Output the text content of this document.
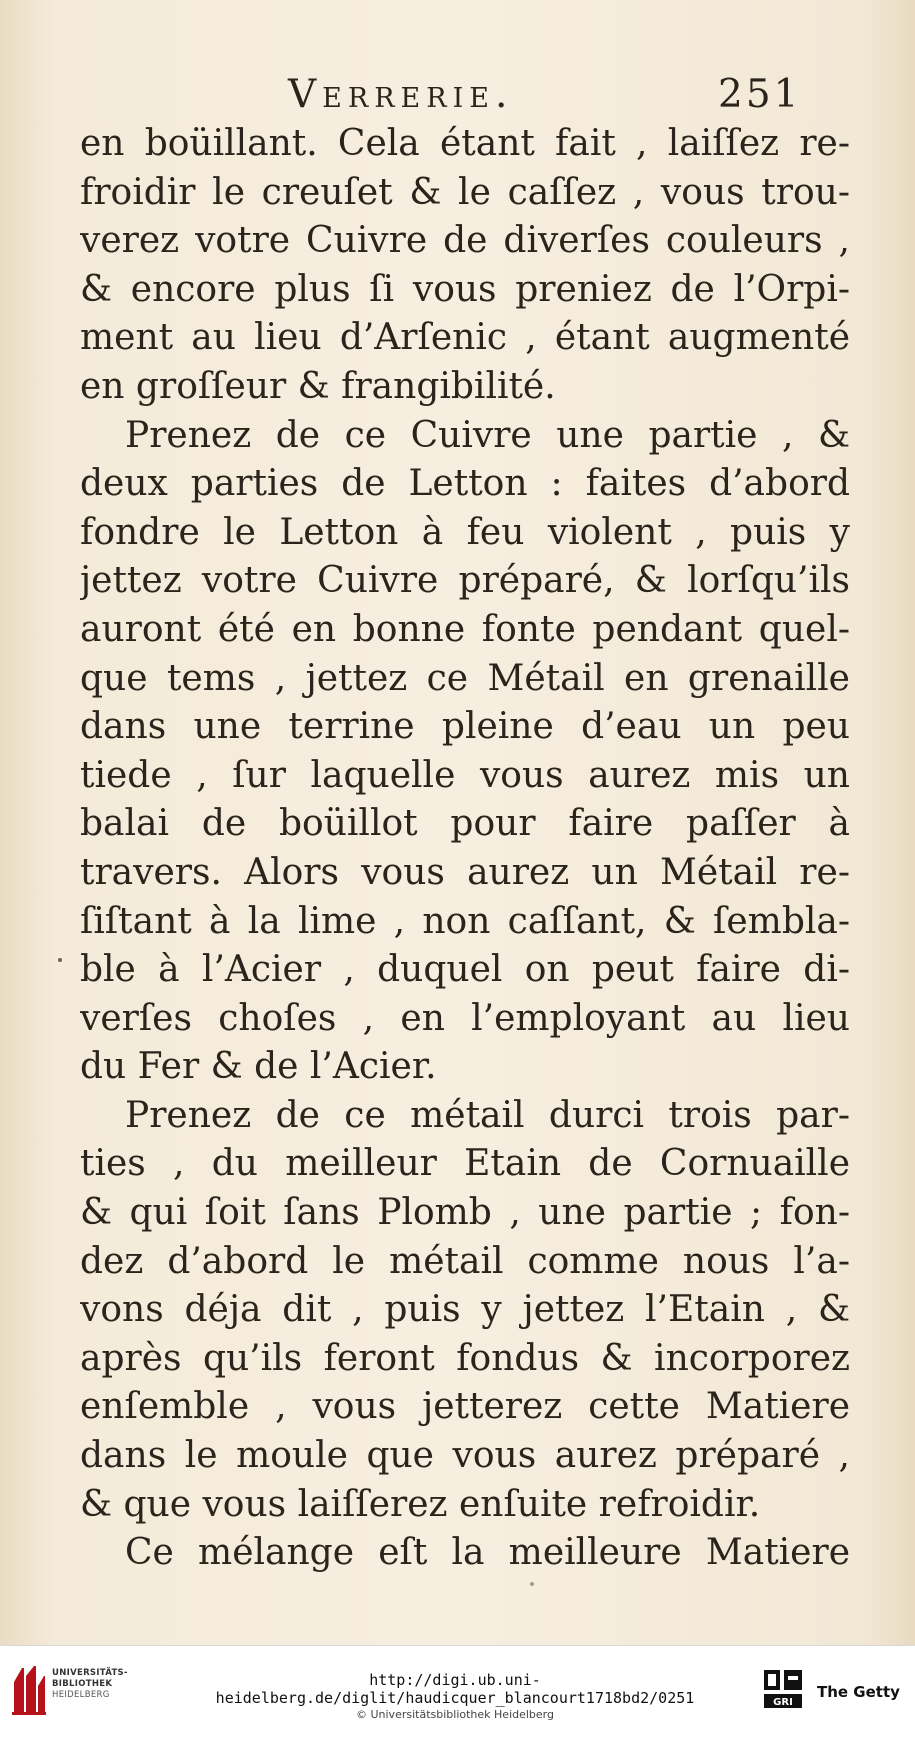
Verrerie.	251
en boüillant. Cela étant fait , laiſſez re-
froidir le creuſet & le caſſez , vous trou-
verez votre Cuivre de diverſes couleurs ,
& encore plus ſi vous preniez de l’Orpi-
ment au lieu d’Arſenic , étant augmenté
en groſſeur & frangibilité.
Prenez de ce Cuivre une partie , &
deux parties de Letton : faites d’abord
fondre le Letton à feu violent , puis y
jettez votre Cuivre préparé, & lorſqu’ils
auront été en bonne fonte pendant quel-
que tems , jettez ce Métail en grenaille
dans une terrine pleine d’eau un peu
tiede , ſur laquelle vous aurez mis un
balai de boüillot pour faire paſſer à
travers. Alors vous aurez un Métail re-
ſiſtant à la lime , non caſſant, & ſembla-
ble à l’Acier , duquel on peut faire di-
verſes choſes , en l’employant au lieu
du Fer & de l’Acier.
Prenez de ce métail durci trois par-
ties , du meilleur Etain de Cornuaille
& qui ſoit ſans Plomb , une partie ; fon-
dez d’abord le métail comme nous l’a-
vons déja dit , puis y jettez l’Etain , &
après qu’ils feront fondus & incorporez
enſemble , vous jetterez cette Matiere
dans le moule que vous aurez préparé ,
& que vous laiſſerez enſuite refroidir.
Ce mélange eſt la meilleure Matiere
UNIVERSITÄTS-
BIBLIOTHEK
HEIDELBERG
http://digi.ub.uni-heidelberg.de/diglit/haudicquer_blancourt1718bd2/0251
© Universitätsbibliothek Heidelberg
GRI
The Getty
